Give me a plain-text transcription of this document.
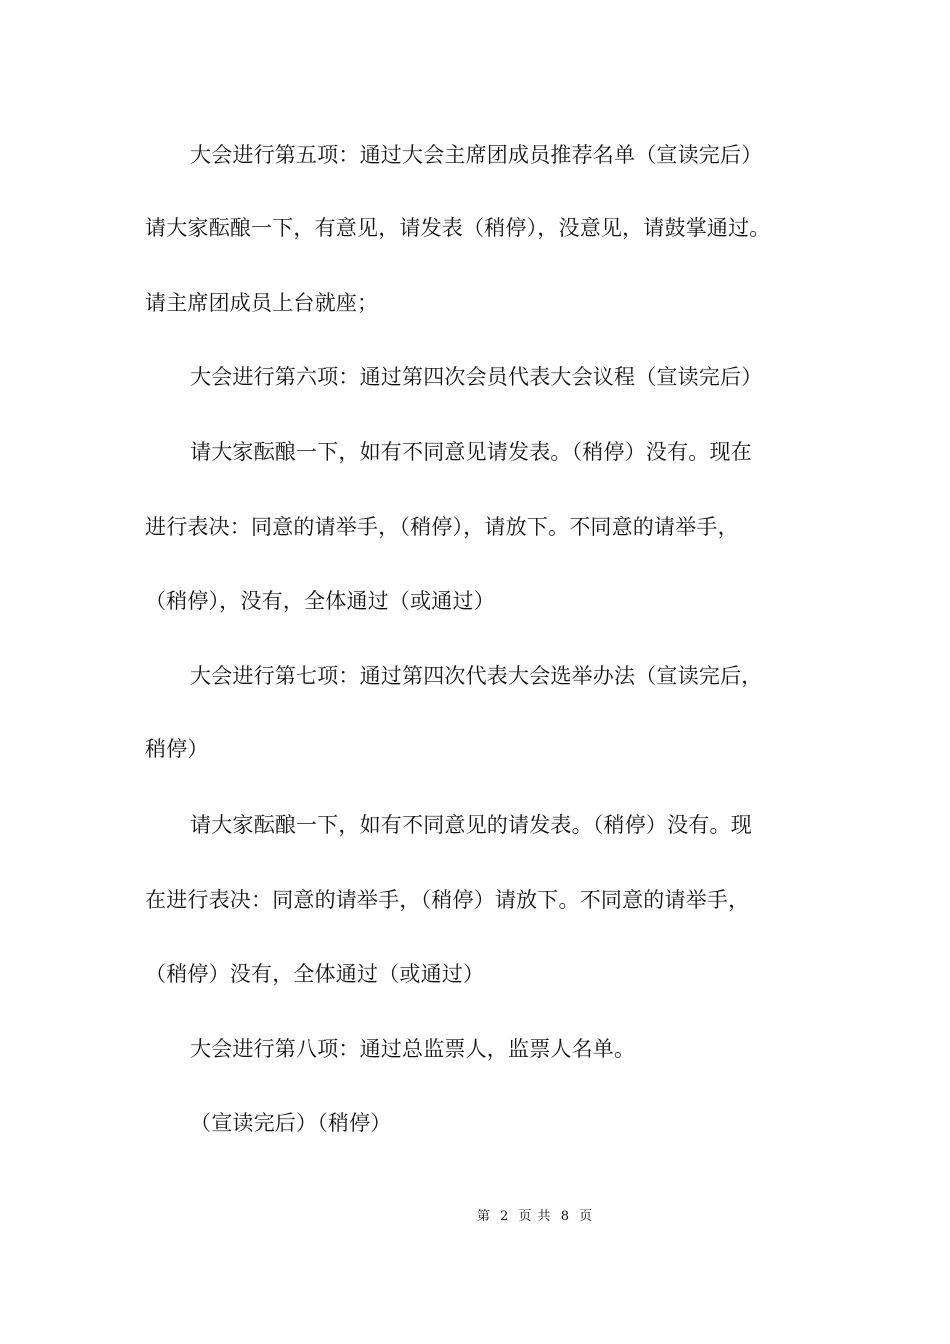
大会进行第五项：通过大会主席团成员推荐名单（宣读完后）
请大家酝酿一下，有意见，请发表（稍停），没意见，请鼓掌通过。
请主席团成员上台就座；
大会进行第六项：通过第四次会员代表大会议程（宣读完后）
请大家酝酿一下，如有不同意见请发表。（稍停）没有。现在
进行表决：同意的请举手，（稍停），请放下。不同意的请举手，
（稍停），没有，全体通过（或通过）
大会进行第七项：通过第四次代表大会选举办法（宣读完后，
稍停）
请大家酝酿一下，如有不同意见的请发表。（稍停）没有。现
在进行表决：同意的请举手，（稍停）请放下。不同意的请举手，
（稍停）没有，全体通过（或通过）
大会进行第八项：通过总监票人，监票人名单。
（宣读完后）（稍停）
第 2 页 共 8 页
